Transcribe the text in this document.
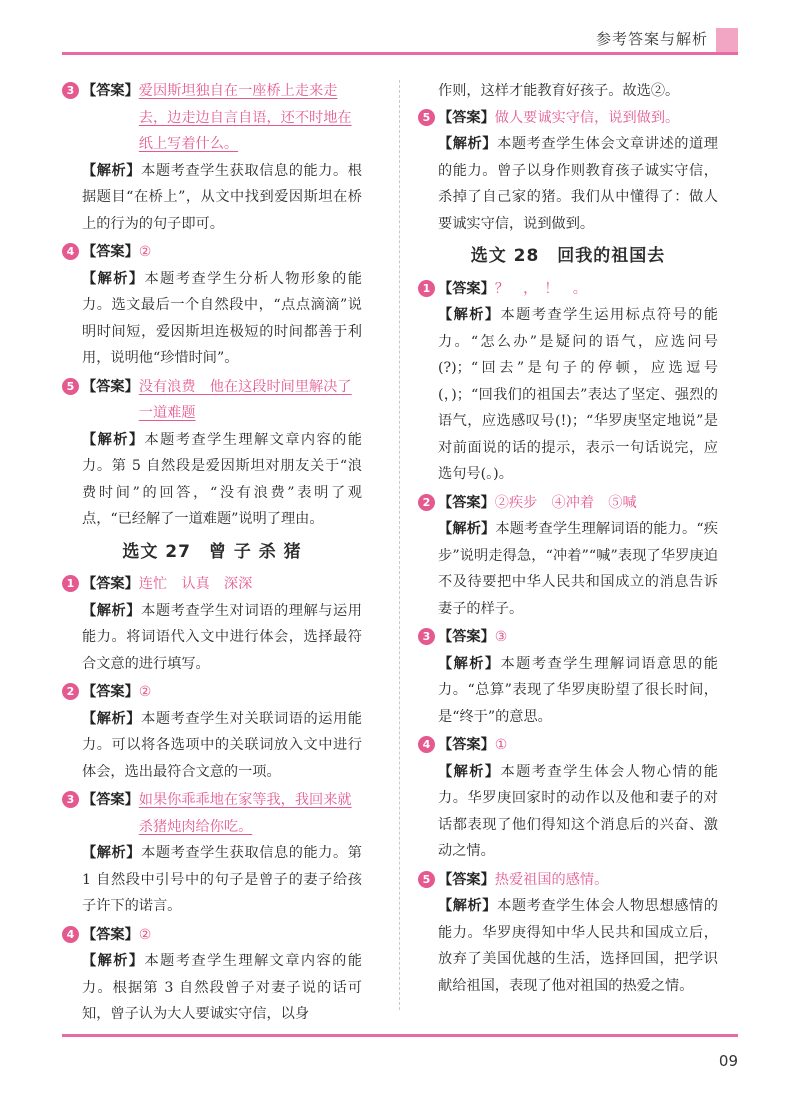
参考答案与解析
3 【答案】 爱因斯坦独自在一座桥上走来走去，边走边自言自语，还不时地在纸上写着什么。
【解析】本题考查学生获取信息的能力。根据题目“在桥上”，从文中找到爱因斯坦在桥上的行为的句子即可。
4 【答案】 ②
【解析】本题考查学生分析人物形象的能力。选文最后一个自然段中，“点点滴滴”说明时间短，爱因斯坦连极短的时间都善于利用，说明他“珍惜时间”。
5 【答案】 没有浪费　他在这段时间里解决了一道难题
【解析】本题考查学生理解文章内容的能力。第 5 自然段是爱因斯坦对朋友关于“浪费时间”的回答，“没有浪费”表明了观点，“已经解了一道难题”说明了理由。
选文 27　曾 子 杀 猪
1 【答案】 连忙　认真　深深
【解析】本题考查学生对词语的理解与运用能力。将词语代入文中进行体会，选择最符合文意的进行填写。
2 【答案】 ②
【解析】本题考查学生对关联词语的运用能力。可以将各选项中的关联词放入文中进行体会，选出最符合文意的一项。
3 【答案】 如果你乖乖地在家等我，我回来就杀猪炖肉给你吃。
【解析】本题考查学生获取信息的能力。第 1 自然段中引号中的句子是曾子的妻子给孩子许下的诺言。
4 【答案】 ②
【解析】本题考查学生理解文章内容的能力。根据第 3 自然段曾子对妻子说的话可知，曾子认为大人要诚实守信，以身
作则，这样才能教育好孩子。故选②。
5 【答案】 做人要诚实守信，说到做到。
【解析】本题考查学生体会文章讲述的道理的能力。曾子以身作则教育孩子诚实守信，杀掉了自己家的猪。我们从中懂得了：做人要诚实守信，说到做到。
选文 28　回我的祖国去
1 【答案】 ？　，　！　。
【解析】本题考查学生运用标点符号的能力。“怎么办”是疑问的语气，应选问号(?)；“回去”是句子的停顿，应选逗号(，)；“回我们的祖国去”表达了坚定、强烈的语气，应选感叹号(!)；“华罗庚坚定地说”是对前面说的话的提示，表示一句话说完，应选句号(。)。
2 【答案】 ②疾步　④冲着　⑤喊
【解析】本题考查学生理解词语的能力。“疾步”说明走得急，“冲着”“喊”表现了华罗庚迫不及待要把中华人民共和国成立的消息告诉妻子的样子。
3 【答案】 ③
【解析】本题考查学生理解词语意思的能力。“总算”表现了华罗庚盼望了很长时间，是“终于”的意思。
4 【答案】 ①
【解析】本题考查学生体会人物心情的能力。华罗庚回家时的动作以及他和妻子的对话都表现了他们得知这个消息后的兴奋、激动之情。
5 【答案】 热爱祖国的感情。
【解析】本题考查学生体会人物思想感情的能力。华罗庚得知中华人民共和国成立后，放弃了美国优越的生活，选择回国，把学识献给祖国，表现了他对祖国的热爱之情。
09
